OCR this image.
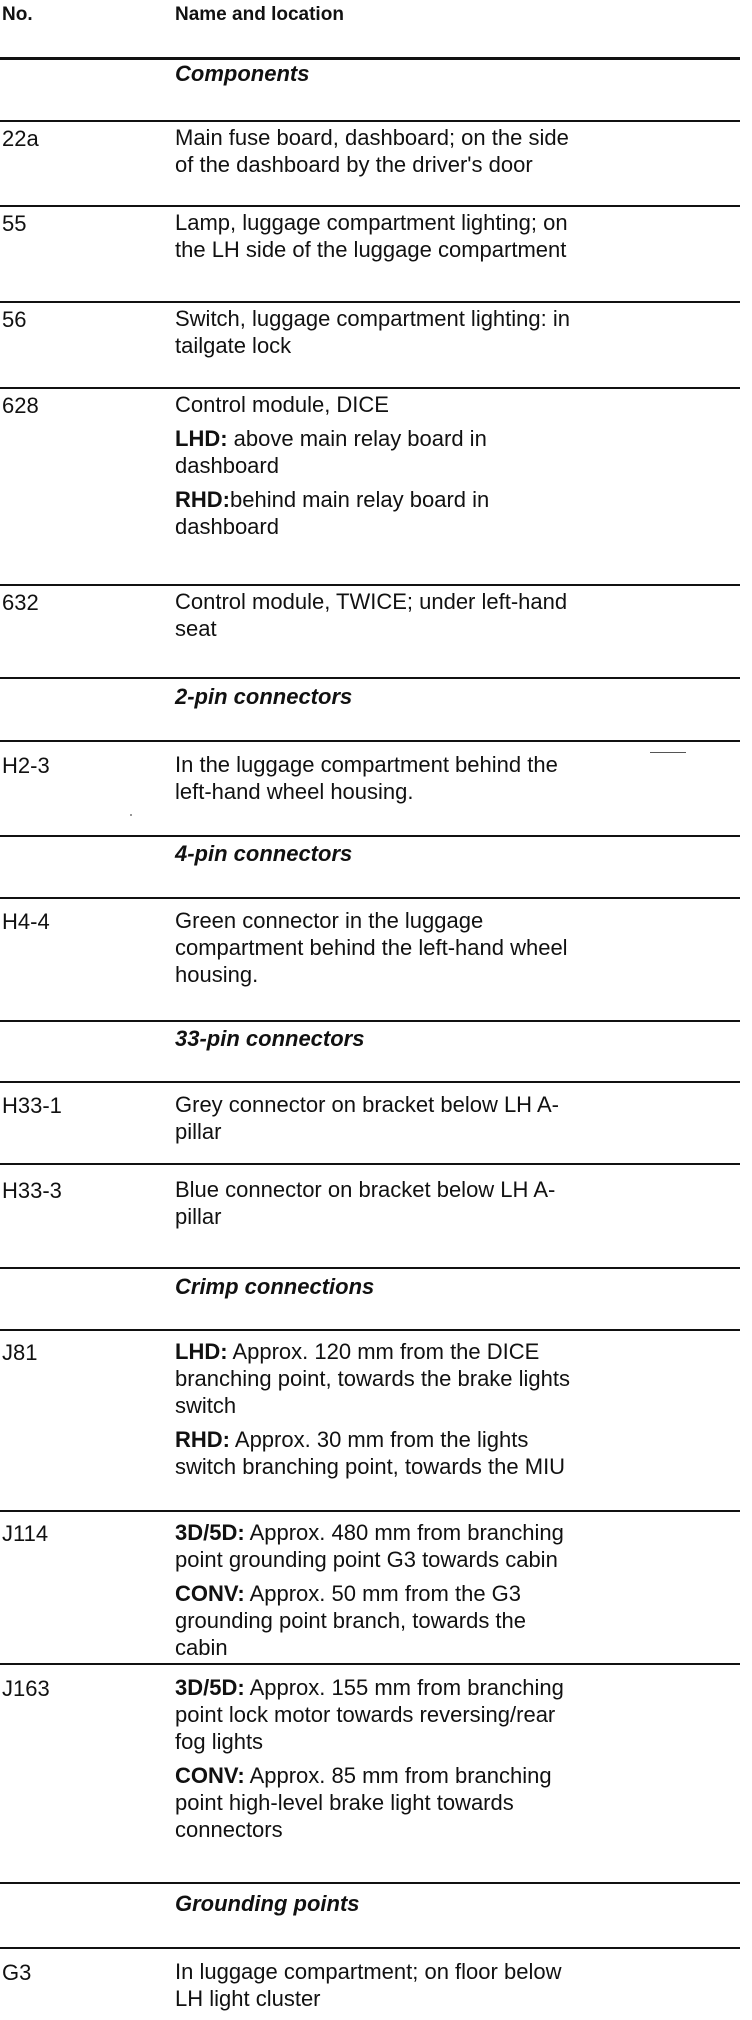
No.	Name and location
Components
22a	Main fuse board, dashboard; on the side
of the dashboard by the driver's door
55	Lamp, luggage compartment lighting; on
the LH side of the luggage compartment
56	Switch, luggage compartment lighting: in
tailgate lock
628	Control module, DICE
LHD: above main relay board in
dashboard
RHD:behind main relay board in
dashboard
632	Control module, TWICE; under left-hand
seat
2-pin connectors
H2-3	In the luggage compartment behind the
left-hand wheel housing.
4-pin connectors
H4-4	Green connector in the luggage
compartment behind the left-hand wheel
housing.
33-pin connectors
H33-1	Grey connector on bracket below LH A-
pillar
H33-3	Blue connector on bracket below LH A-
pillar
Crimp connections
J81	LHD: Approx. 120 mm from the DICE
branching point, towards the brake lights
switch
RHD: Approx. 30 mm from the lights
switch branching point, towards the MIU
J114	3D/5D: Approx. 480 mm from branching
point grounding point G3 towards cabin
CONV: Approx. 50 mm from the G3
grounding point branch, towards the
cabin
J163	3D/5D: Approx. 155 mm from branching
point lock motor towards reversing/rear
fog lights
CONV: Approx. 85 mm from branching
point high-level brake light towards
connectors
Grounding points
G3	In luggage compartment; on floor below
LH light cluster
